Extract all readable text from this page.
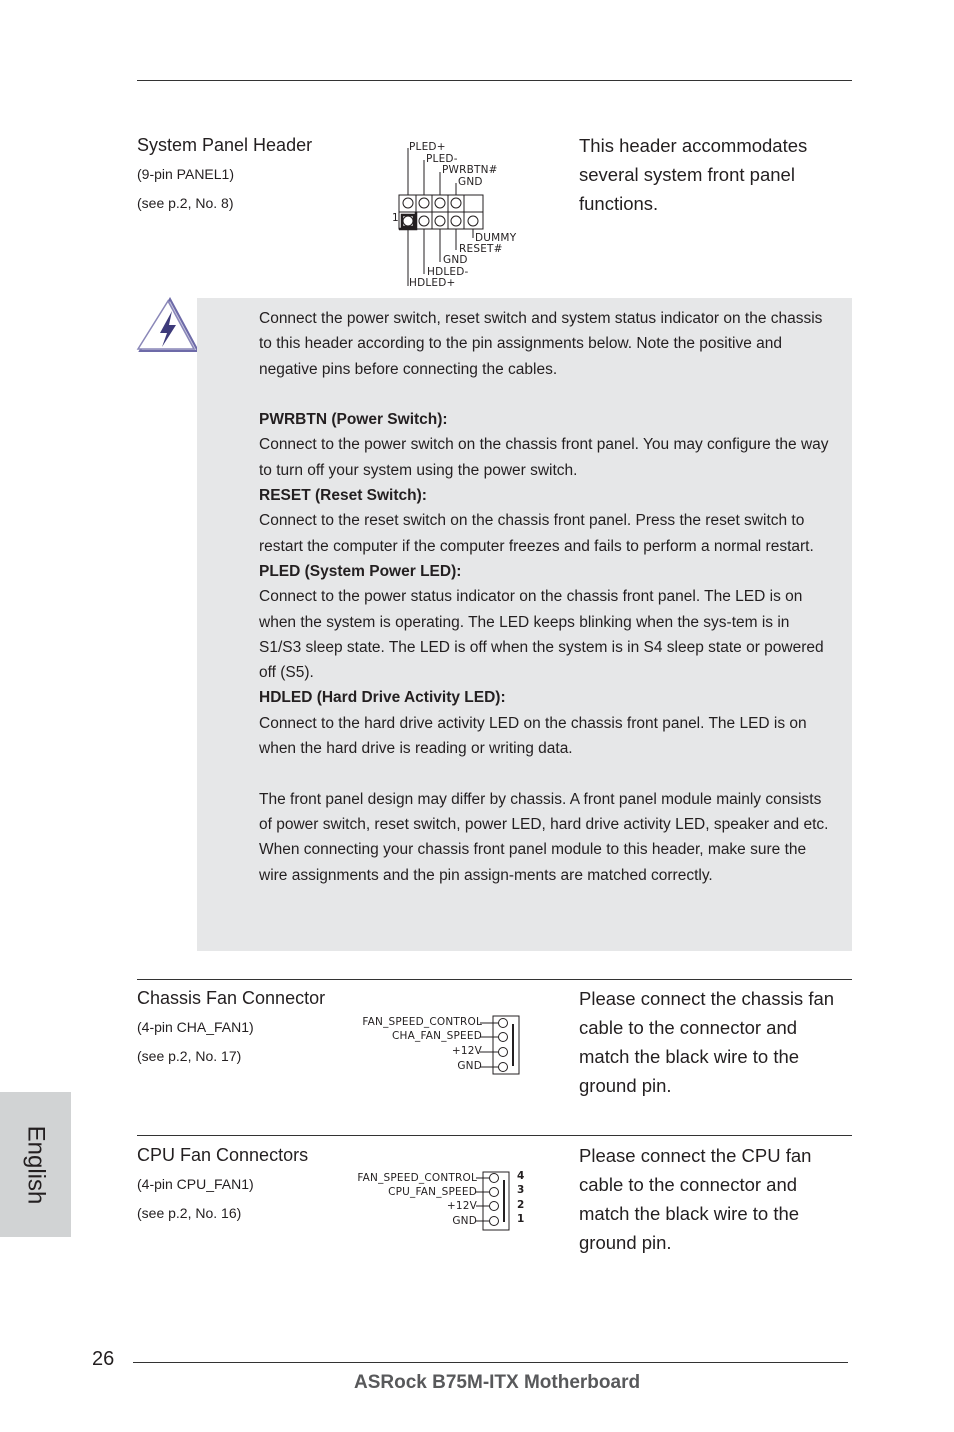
System Panel Header
(9-pin PANEL1)
(see p.2, No. 8)
This header accommodates
several system front panel
functions.
PLED+
PLED-
PWRBTN#
GND
1
DUMMY
RESET#
GND
HDLED-
HDLED+

Connect the power switch, reset switch and system status indicator on the chassis to this header according to the pin assignments below. Note the positive and negative pins before connecting the cables.

PWRBTN (Power Switch):

Connect to the power switch on the chassis front panel. You may configure the way to turn off your system using the power switch.

RESET (Reset Switch):

Connect to the reset switch on the chassis front panel. Press the reset switch to restart the computer if the computer freezes and fails to perform a normal restart.

PLED (System Power LED):

Connect to the power status indicator on the chassis front panel. The LED is on when the system is operating. The LED keeps blinking when the sys-tem is in S1/S3 sleep state. The LED is off when the system is in S4 sleep state or powered off (S5).

HDLED (Hard Drive Activity LED):

Connect to the hard drive activity LED on the chassis front panel. The LED is on when the hard drive is reading or writing data.

The front panel design may differ by chassis. A front panel module mainly consists of power switch, reset switch, power LED, hard drive activity LED, speaker and etc. When connecting your chassis front panel module to this header, make sure the wire assignments and the pin assign-ments are matched correctly.

Chassis Fan Connector
(4-pin CHA_FAN1)
(see p.2, No. 17)
Please connect the chassis fan
cable to the connector and
match the black wire to the
ground pin.
FAN_SPEED_CONTROL
CHA_FAN_SPEED
+12V
GND
CPU Fan Connectors
(4-pin CPU_FAN1)
(see p.2, No. 16)
Please connect the CPU fan
cable to the connector and
match the black wire to the
ground pin.
FAN_SPEED_CONTROL
CPU_FAN_SPEED
+12V
GND
4
3
2
1
English
26
ASRock B75M-ITX Motherboard
